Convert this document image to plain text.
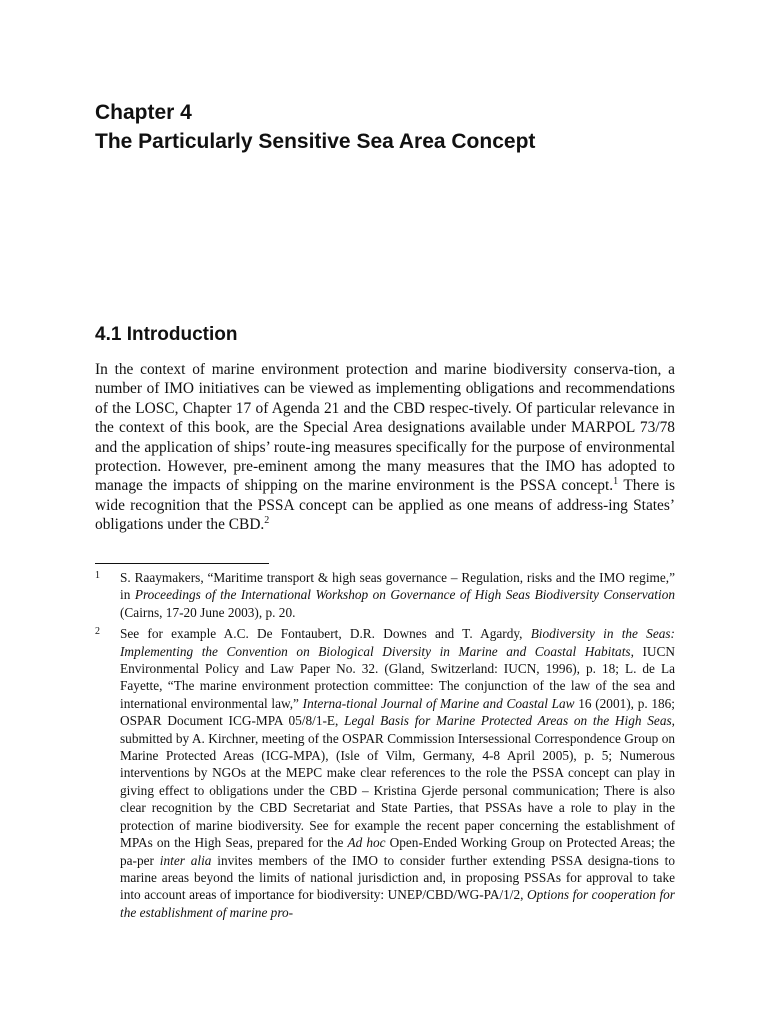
Chapter 4
The Particularly Sensitive Sea Area Concept
4.1 Introduction

In the context of marine environment protection and marine biodiversity conserva-tion, a number of IMO initiatives can be viewed as implementing obligations and recommendations of the LOSC, Chapter 17 of Agenda 21 and the CBD respec-tively. Of particular relevance in the context of this book, are the Special Area designations available under MARPOL 73/78 and the application of ships’ route-ing measures specifically for the purpose of environmental protection. However, pre-eminent among the many measures that the IMO has adopted to manage the impacts of shipping on the marine environment is the PSSA concept.$^1$ There is wide recognition that the PSSA concept can be applied as one means of address-ing States’ obligations under the CBD.$^2$

1	S. Raaymakers, “Maritime transport & high seas governance – Regulation, risks and the IMO regime,” in Proceedings of the International Workshop on Governance of High Seas Biodiversity Conservation (Cairns, 17-20 June 2003), p. 20.
2	See for example A.C. De Fontaubert, D.R. Downes and T. Agardy, Biodiversity in the Seas: Implementing the Convention on Biological Diversity in Marine and Coastal Habitats, IUCN Environmental Policy and Law Paper No. 32. (Gland, Switzerland: IUCN, 1996), p. 18; L. de La Fayette, “The marine environment protection committee: The conjunction of the law of the sea and international environmental law,” Interna-tional Journal of Marine and Coastal Law 16 (2001), p. 186; OSPAR Document ICG-MPA 05/8/1-E, Legal Basis for Marine Protected Areas on the High Seas, submitted by A. Kirchner, meeting of the OSPAR Commission Intersessional Correspondence Group on Marine Protected Areas (ICG-MPA), (Isle of Vilm, Germany, 4-8 April 2005), p. 5; Numerous interventions by NGOs at the MEPC make clear references to the role the PSSA concept can play in giving effect to obligations under the CBD – Kristina Gjerde personal communication; There is also clear recognition by the CBD Secretariat and State Parties, that PSSAs have a role to play in the protection of marine biodiversity. See for example the recent paper concerning the establishment of MPAs on the High Seas, prepared for the Ad hoc Open-Ended Working Group on Protected Areas; the pa-per inter alia invites members of the IMO to consider further extending PSSA designa-tions to marine areas beyond the limits of national jurisdiction and, in proposing PSSAs for approval to take into account areas of importance for biodiversity: UNEP/CBD/WG-PA/1/2, Options for cooperation for the establishment of marine pro-
